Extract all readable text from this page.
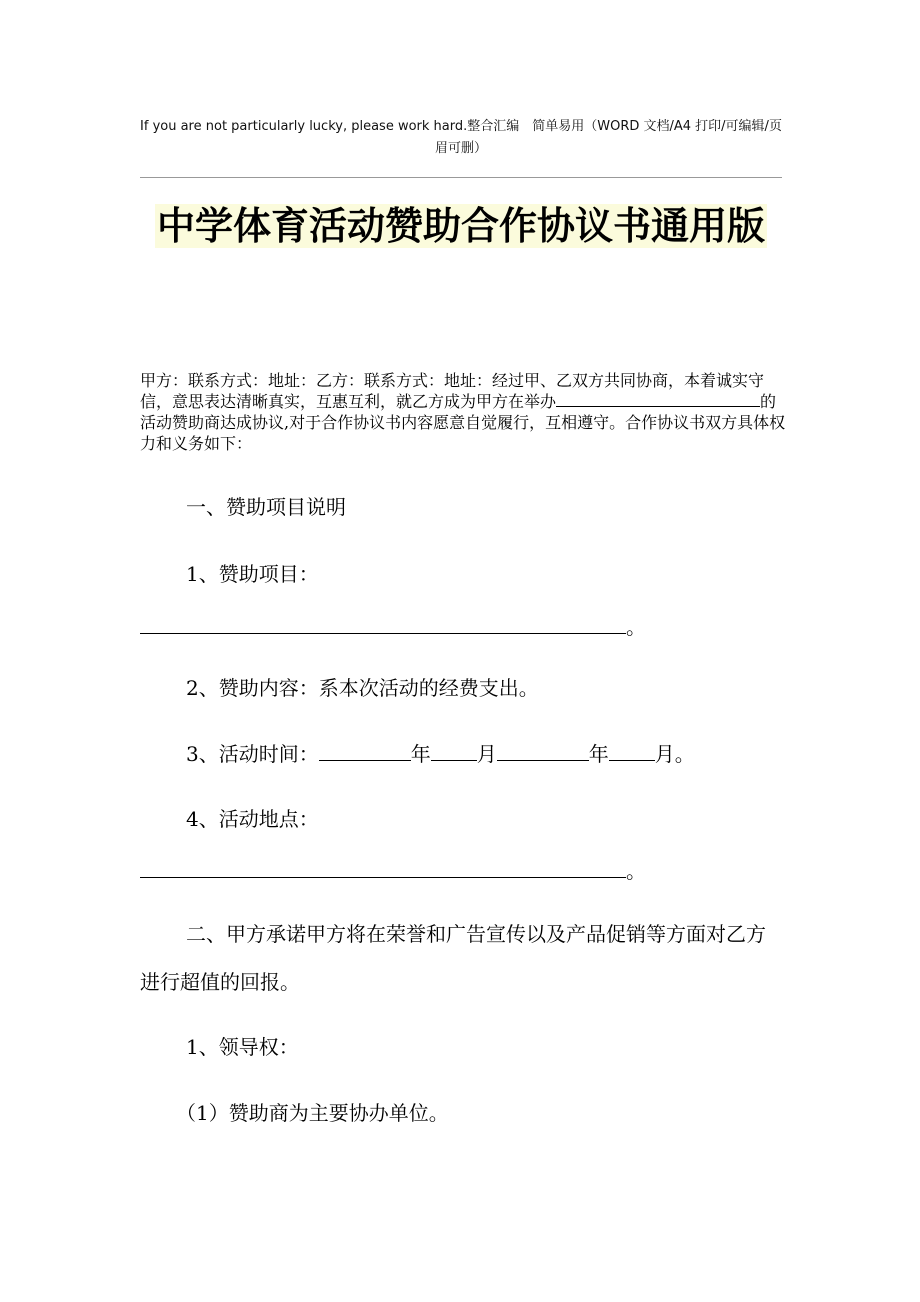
If you are not particularly lucky, please work hard.整合汇编　简单易用（WORD 文档/A4 打印/可编辑/页眉可删）
中学体育活动赞助合作协议书通用版
甲方：联系方式：地址：乙方：联系方式：地址：经过甲、乙双方共同协商，本着诚实守信，意思表达清晰真实，互惠互利，就乙方成为甲方在举办	的活动赞助商达成协议,对于合作协议书内容愿意自觉履行，互相遵守。合作协议书双方具体权力和义务如下：
一、赞助项目说明
1、赞助项目：
。
2、赞助内容：系本次活动的经费支出。
3、活动时间：	年 月	年 月。
4、活动地点：
。
二、甲方承诺甲方将在荣誉和广告宣传以及产品促销等方面对乙方进行超值的回报。
1、领导权：
（1）赞助商为主要协办单位。
